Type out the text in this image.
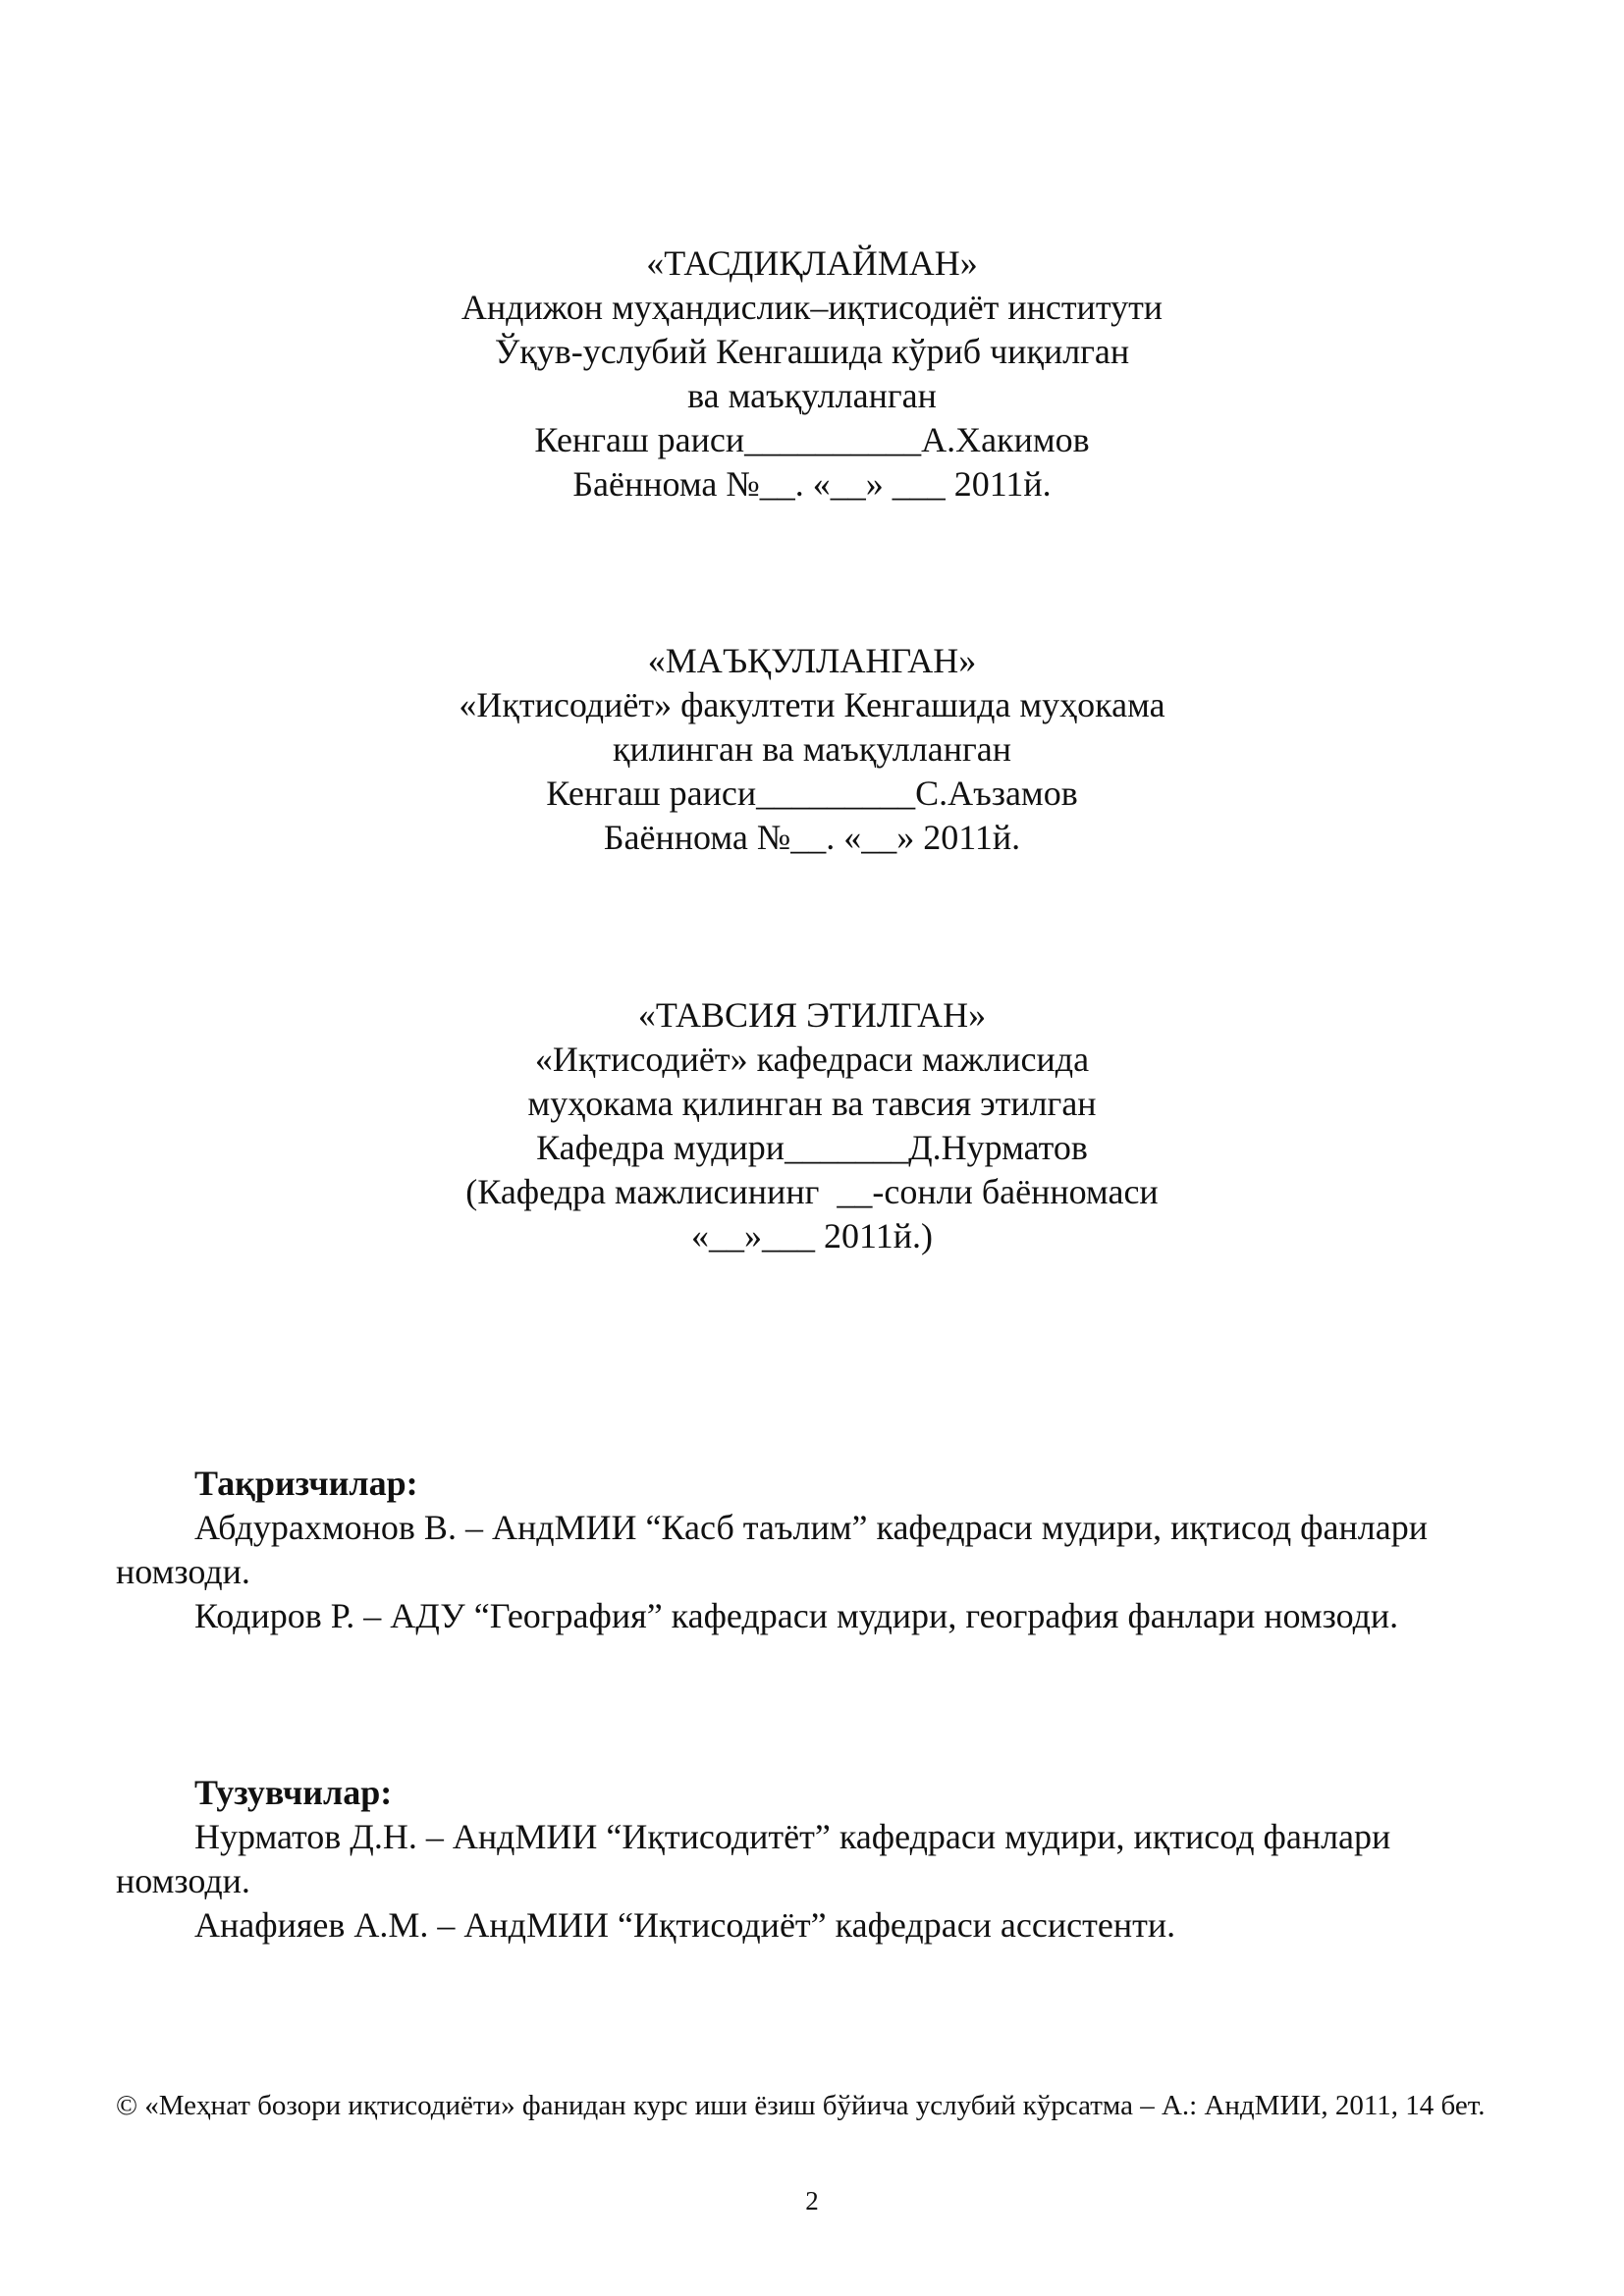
«ТАСДИҚЛАЙМАН»
Андижон муҳандислик–иқтисодиёт институти
Ўқув-услубий Кенгашида кўриб чиқилган
ва маъқулланган
Кенгаш раиси__________А.Хакимов
Баённома №__. «__» ___ 2011й.
«МАЪҚУЛЛАНГАН»
«Иқтисодиёт» факултети Кенгашида муҳокама
қилинган ва маъқулланган
Кенгаш раиси_________С.Аъзамов
Баённома №__. «__» 2011й.
«ТАВСИЯ ЭТИЛГАН»
«Иқтисодиёт» кафедраси мажлисида
муҳокама қилинган ва тавсия этилган
Кафедра мудири_______Д.Нурматов
(Кафедра мажлисининг  __-сонли баённомаси
«__»___ 2011й.)
Тақризчилар:
Абдурахмонов В. – АндМИИ “Касб таълим” кафедраси мудири, иқтисод фанлари номзоди.
Кодиров Р. – АДУ “География” кафедраси мудири, география фанлари номзоди.
Тузувчилар:
Нурматов Д.Н. – АндМИИ “Иқтисодитёт” кафедраси мудири, иқтисод фанлари номзоди.
Анафияев А.М. – АндМИИ “Иқтисодиёт” кафедраси ассистенти.
© «Меҳнат бозори иқтисодиёти» фанидан курс иши ёзиш бўйича услубий кўрсатма – А.: АндМИИ, 2011, 14 бет.
2
